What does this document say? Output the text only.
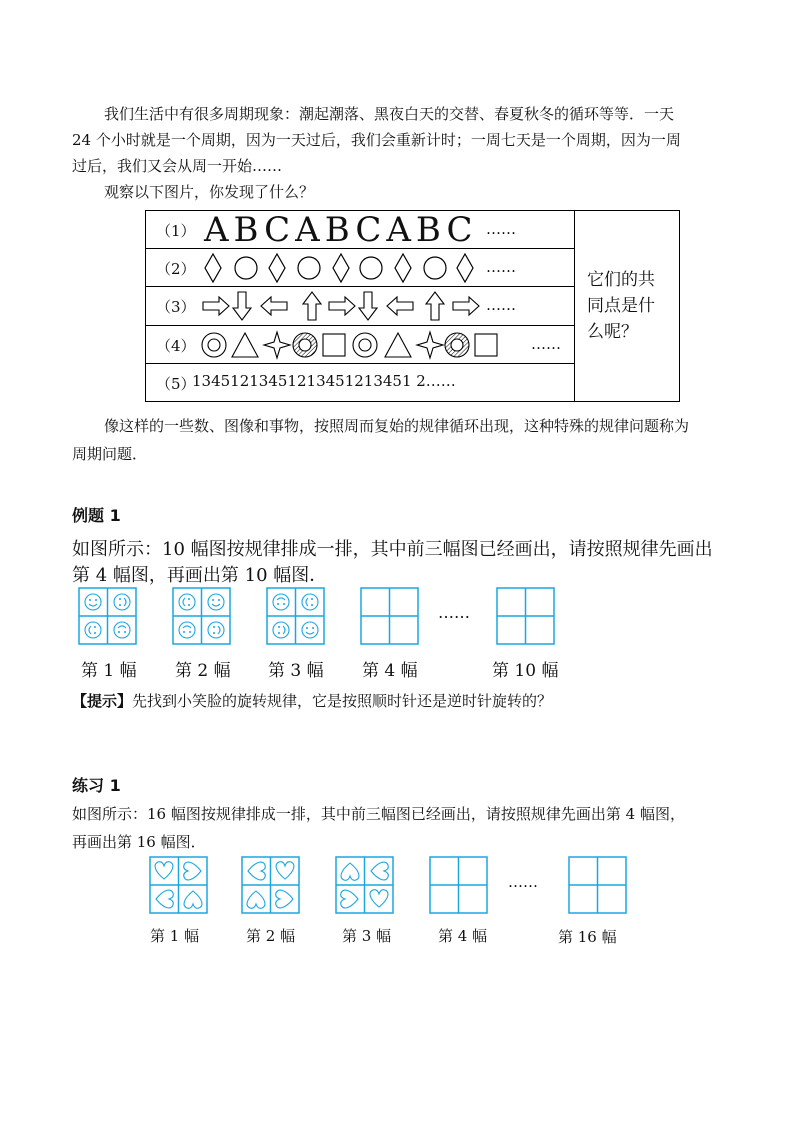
我们生活中有很多周期现象：潮起潮落、黑夜白天的交替、春夏秋冬的循环等等．一天
24 个小时就是一个周期，因为一天过后，我们会重新计时；一周七天是一个周期，因为一周
过后，我们又会从周一开始……
观察以下图片，你发现了什么？
（1） ABCABCABC ……
	它们的共同点是什么呢？

（2）	……

（3）	……

（4）	……

（5）
13451213451213451213451 2……
像这样的一些数、图像和事物，按照周而复始的规律循环出现，这种特殊的规律问题称为
周期问题．
例题 1
如图所示：10 幅图按规律排成一排，其中前三幅图已经画出，请按照规律先画出
第 4 幅图，再画出第 10 幅图．
……
第 1 幅 第 2 幅 第 3 幅 第 4 幅	第 10 幅
【提示】先找到小笑脸的旋转规律，它是按照顺时针还是逆时针旋转的？
练习 1
如图所示：16 幅图按规律排成一排，其中前三幅图已经画出，请按照规律先画出第 4 幅图，
再画出第 16 幅图．
……
第 1 幅	第 2 幅	第 3 幅	第 4 幅	第 16 幅
